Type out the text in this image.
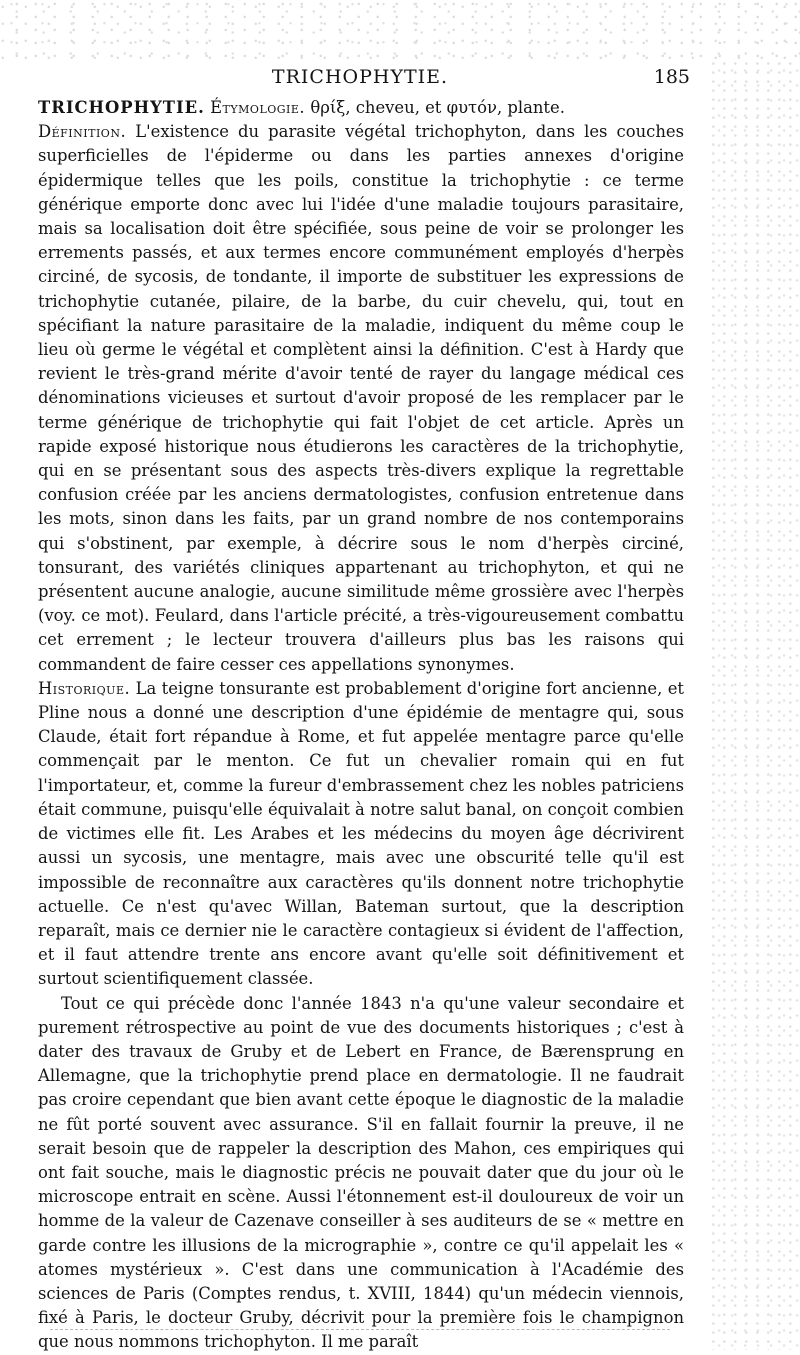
TRICHOPHYTIE.	185

TRICHOPHYTIE. Étymologie. θρίξ, cheveu, et φυτόν, plante.

Définition. L'existence du parasite végétal trichophyton, dans les couches superficielles de l'épiderme ou dans les parties annexes d'origine épidermique telles que les poils, constitue la trichophytie : ce terme générique emporte donc avec lui l'idée d'une maladie toujours parasitaire, mais sa localisation doit être spécifiée, sous peine de voir se prolonger les errements passés, et aux termes encore communément employés d'herpès circiné, de sycosis, de tondante, il importe de substituer les expressions de trichophytie cutanée, pilaire, de la barbe, du cuir chevelu, qui, tout en spécifiant la nature parasitaire de la maladie, indiquent du même coup le lieu où germe le végétal et complètent ainsi la définition. C'est à Hardy que revient le très-grand mérite d'avoir tenté de rayer du langage médical ces dénominations vicieuses et surtout d'avoir proposé de les remplacer par le terme générique de trichophytie qui fait l'objet de cet article. Après un rapide exposé historique nous étudierons les caractères de la trichophytie, qui en se présentant sous des aspects très-divers explique la regrettable confusion créée par les anciens dermatologistes, confusion entretenue dans les mots, sinon dans les faits, par un grand nombre de nos contemporains qui s'obstinent, par exemple, à décrire sous le nom d'herpès circiné, tonsurant, des variétés cliniques appartenant au trichophyton, et qui ne présentent aucune analogie, aucune similitude même grossière avec l'herpès (voy. ce mot). Feulard, dans l'article précité, a très-vigoureusement combattu cet errement ; le lecteur trouvera d'ailleurs plus bas les raisons qui commandent de faire cesser ces appellations synonymes.

Historique. La teigne tonsurante est probablement d'origine fort ancienne, et Pline nous a donné une description d'une épidémie de mentagre qui, sous Claude, était fort répandue à Rome, et fut appelée mentagre parce qu'elle commençait par le menton. Ce fut un chevalier romain qui en fut l'importateur, et, comme la fureur d'embrassement chez les nobles patriciens était commune, puisqu'elle équivalait à notre salut banal, on conçoit combien de victimes elle fit. Les Arabes et les médecins du moyen âge décrivirent aussi un sycosis, une mentagre, mais avec une obscurité telle qu'il est impossible de reconnaître aux caractères qu'ils donnent notre trichophytie actuelle. Ce n'est qu'avec Willan, Bateman surtout, que la description reparaît, mais ce dernier nie le caractère contagieux si évident de l'affection, et il faut attendre trente ans encore avant qu'elle soit définitivement et surtout scientifiquement classée.

Tout ce qui précède donc l'année 1843 n'a qu'une valeur secondaire et purement rétrospective au point de vue des documents historiques ; c'est à dater des travaux de Gruby et de Lebert en France, de Bærensprung en Allemagne, que la trichophytie prend place en dermatologie. Il ne faudrait pas croire cependant que bien avant cette époque le diagnostic de la maladie ne fût porté souvent avec assurance. S'il en fallait fournir la preuve, il ne serait besoin que de rappeler la description des Mahon, ces empiriques qui ont fait souche, mais le diagnostic précis ne pouvait dater que du jour où le microscope entrait en scène. Aussi l'étonnement est-il douloureux de voir un homme de la valeur de Cazenave conseiller à ses auditeurs de se « mettre en garde contre les illusions de la micrographie », contre ce qu'il appelait les « atomes mystérieux ». C'est dans une communication à l'Académie des sciences de Paris (Comptes rendus, t. XVIII, 1844) qu'un médecin viennois, fixé à Paris, le docteur Gruby, décrivit pour la première fois le champignon que nous nommons trichophyton. Il me paraît
